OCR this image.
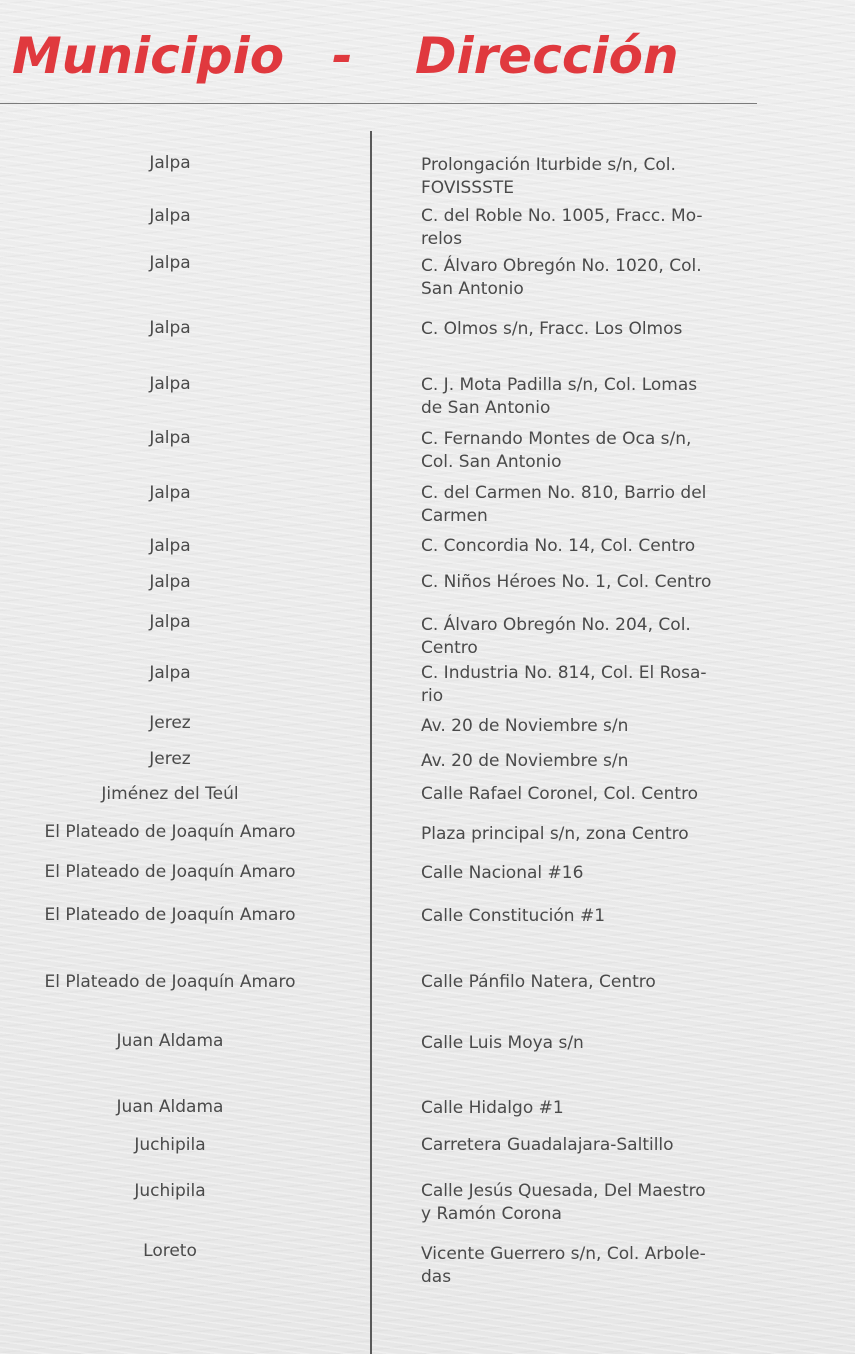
Municipio - Dirección
Jalpa	Prolongación Iturbide s/n, Col.
FOVISSSTE
Jalpa	C. del Roble No. 1005, Fracc. Mo-
relos
Jalpa	C. Álvaro Obregón No. 1020, Col.
San Antonio
Jalpa	C. Olmos s/n, Fracc. Los Olmos
Jalpa	C. J. Mota Padilla s/n, Col. Lomas
de San Antonio
Jalpa	C. Fernando Montes de Oca s/n,
Col. San Antonio
Jalpa	C. del Carmen No. 810, Barrio del
Carmen
Jalpa	C. Concordia No. 14, Col. Centro
Jalpa	C. Niños Héroes No. 1, Col. Centro
Jalpa	C. Álvaro Obregón No. 204, Col.
Centro
Jalpa	C. Industria No. 814, Col. El Rosa-
rio
Jerez	Av. 20 de Noviembre s/n
Jerez	Av. 20 de Noviembre s/n
Jiménez del Teúl	Calle Rafael Coronel, Col. Centro
El Plateado de Joaquín Amaro	Plaza principal s/n, zona Centro
El Plateado de Joaquín Amaro	Calle Nacional #16
El Plateado de Joaquín Amaro	Calle Constitución #1
El Plateado de Joaquín Amaro	Calle Pánfilo Natera, Centro
Juan Aldama	Calle Luis Moya s/n
Juan Aldama	Calle Hidalgo #1
Juchipila	Carretera Guadalajara-Saltillo
Juchipila	Calle Jesús Quesada, Del Maestro
y Ramón Corona
Loreto	Vicente Guerrero s/n, Col. Arbole-
das
